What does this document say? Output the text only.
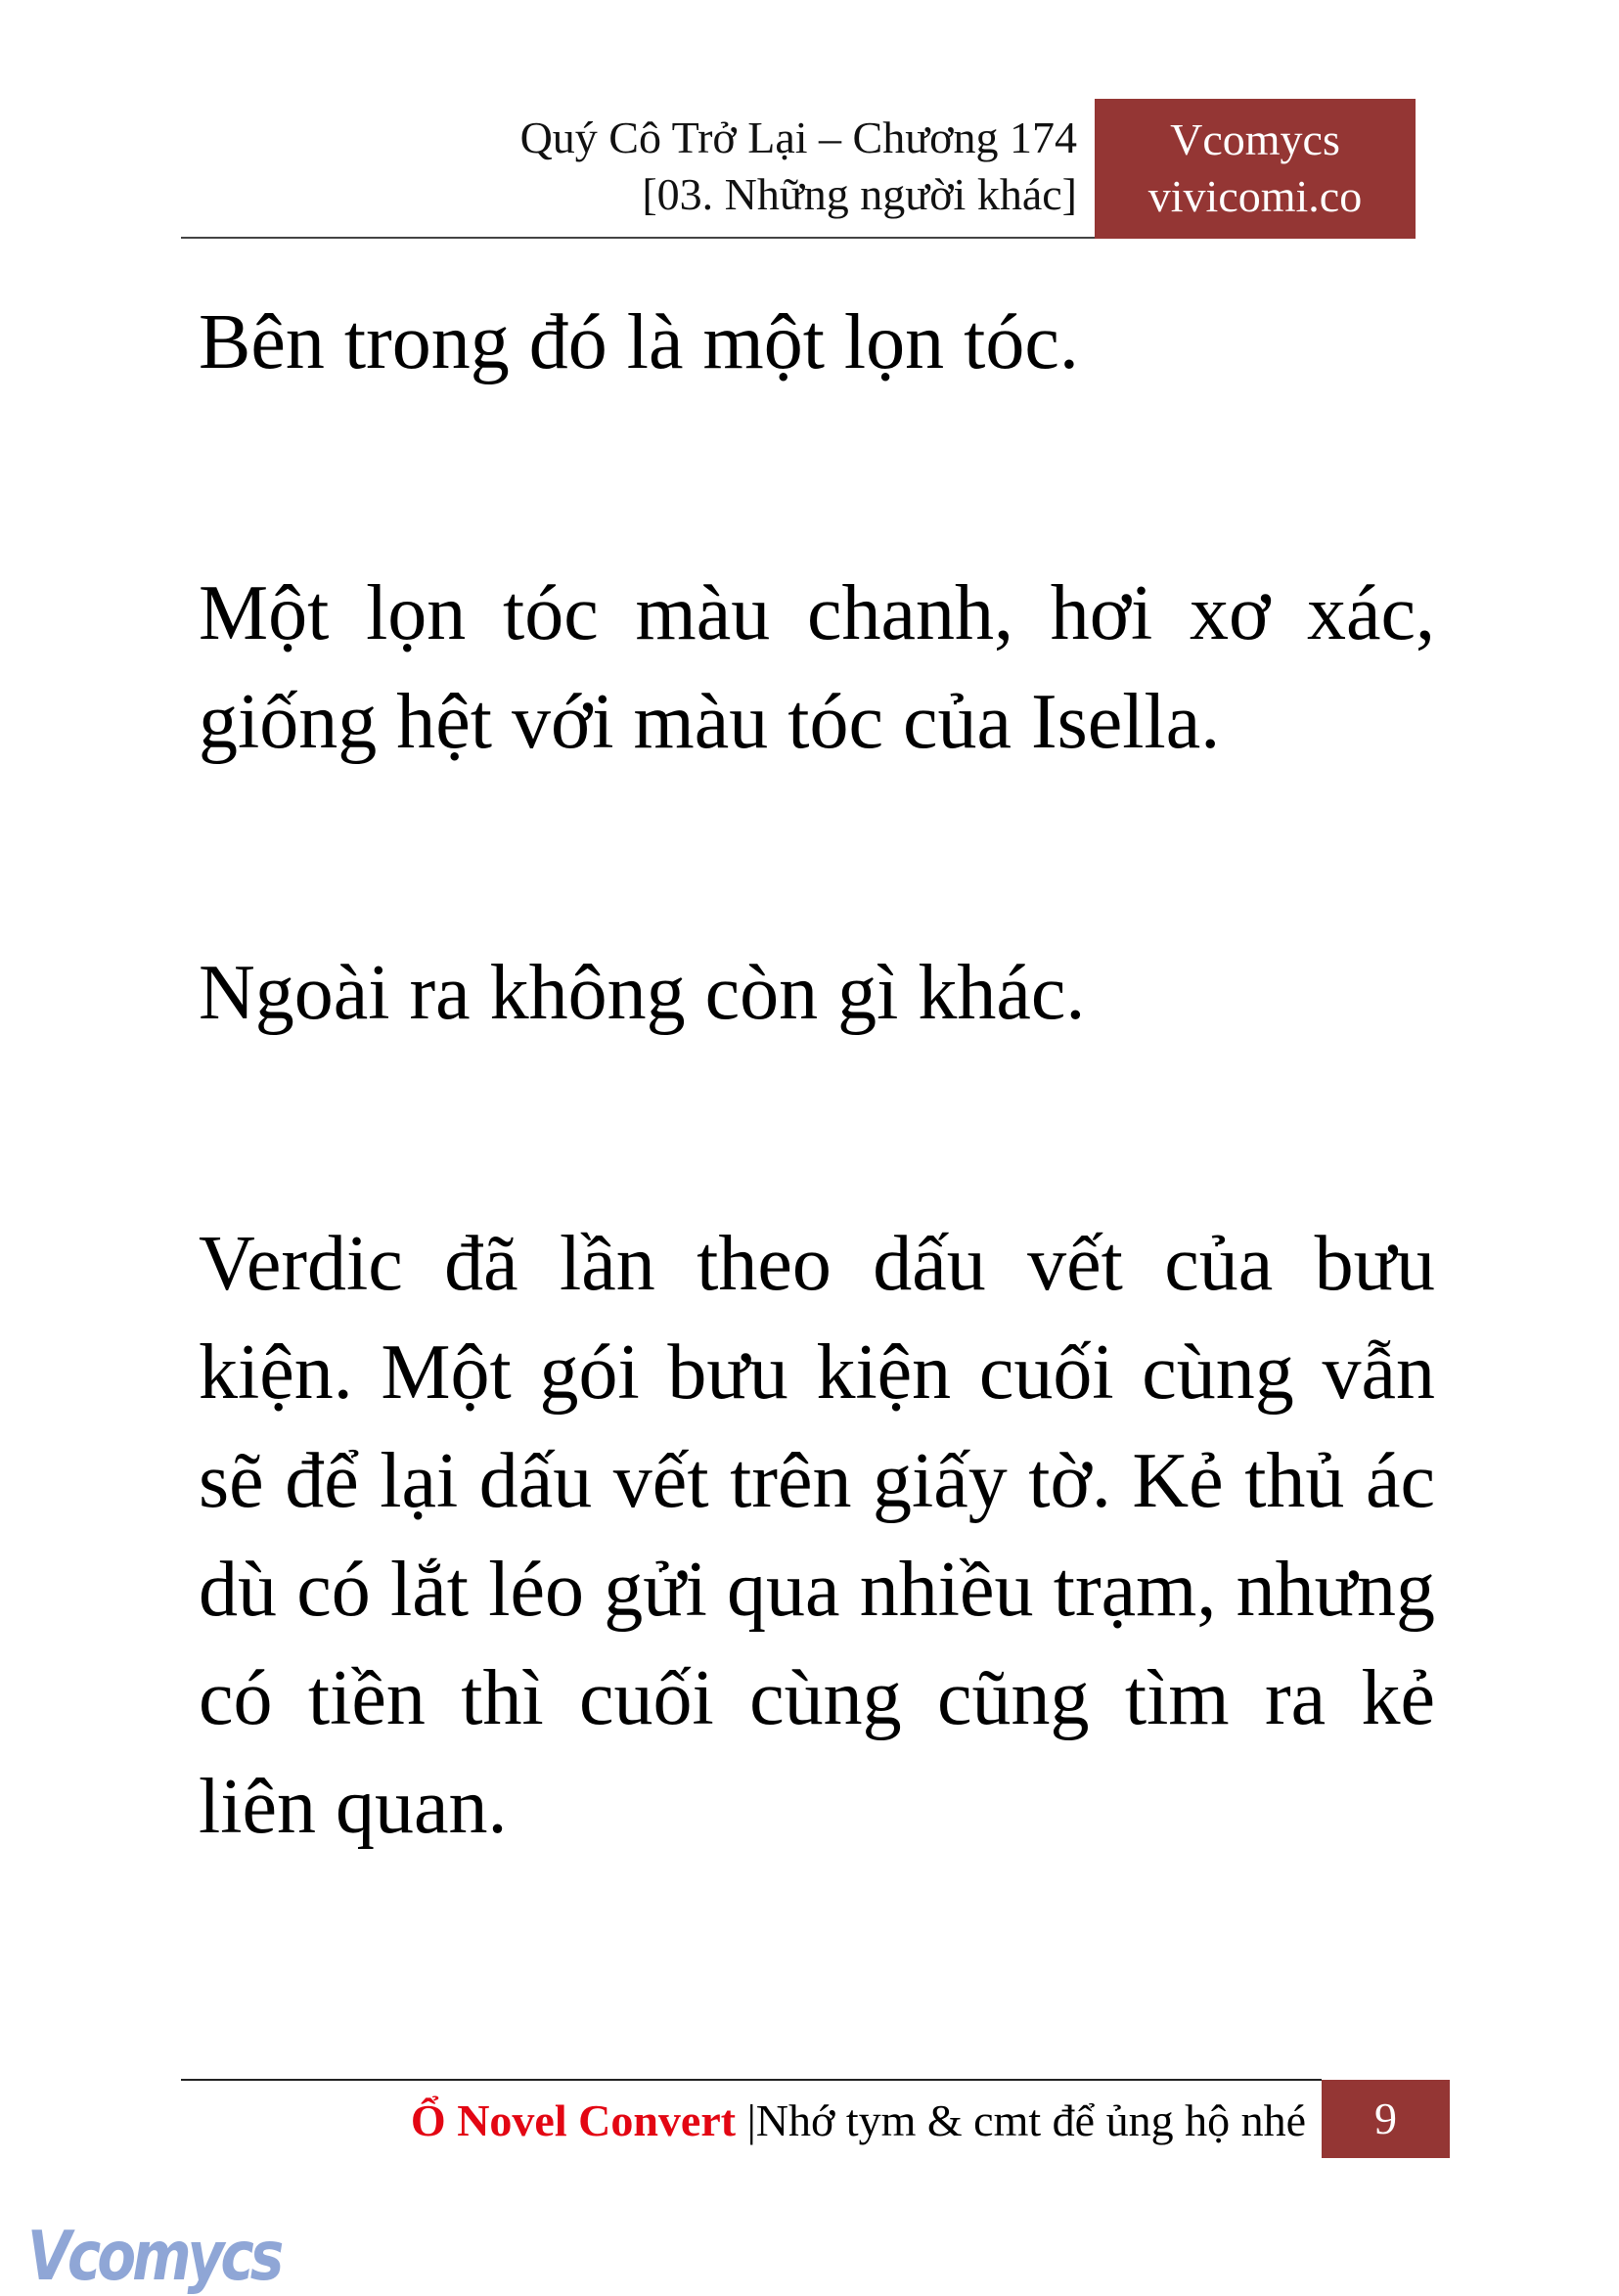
Quý Cô Trở Lại – Chương 174
[03. Những người khác]
Vcomycs
vivicomi.co

Bên trong đó là một lọn tóc.

Một lọn tóc màu chanh, hơi xơ xác, giống hệt với màu tóc của Isella.

Ngoài ra không còn gì khác.

Verdic đã lần theo dấu vết của bưu kiện. Một gói bưu kiện cuối cùng vẫn sẽ để lại dấu vết trên giấy tờ. Kẻ thủ ác dù có lắt léo gửi qua nhiều trạm, nhưng có tiền thì cuối cùng cũng tìm ra kẻ liên quan.

Ổ Novel Convert |Nhớ tym & cmt để ủng hộ nhé	9
Vcomycs
